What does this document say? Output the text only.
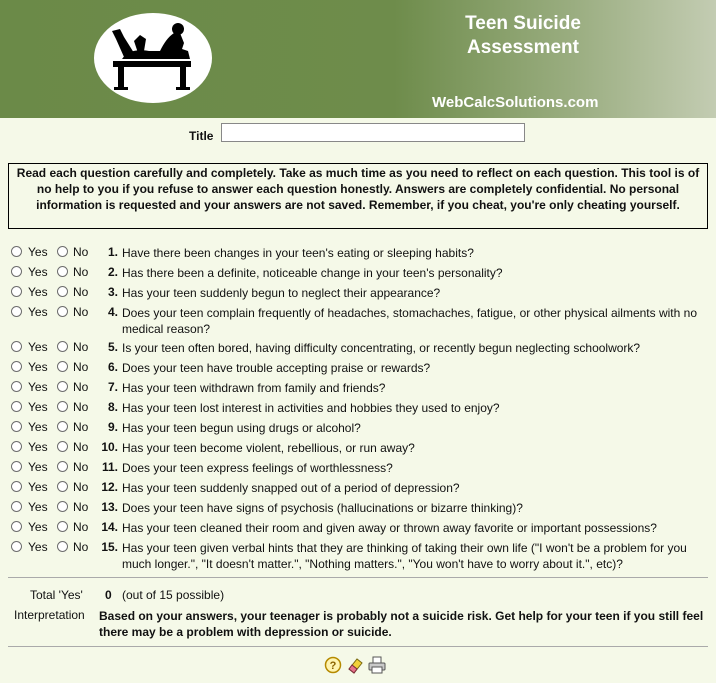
Teen Suicide
Assessment
WebCalcSolutions.com
Title
Read each question carefully and completely. Take as much time as you need to reflect on each question. This tool is of no help to you if you refuse to answer each question honestly. Answers are completely confidential. No personal information is requested and your answers are not saved. Remember, if you cheat, you're only cheating yourself.
Yes No 1. Have there been changes in your teen's eating or sleeping habits?
Yes No 2. Has there been a definite, noticeable change in your teen's personality?
Yes No 3. Has your teen suddenly begun to neglect their appearance?
Yes No 4. Does your teen complain frequently of headaches, stomachaches, fatigue, or other physical ailments with no medical reason?
Yes No 5. Is your teen often bored, having difficulty concentrating, or recently begun neglecting schoolwork?
Yes No 6. Does your teen have trouble accepting praise or rewards?
Yes No 7. Has your teen withdrawn from family and friends?
Yes No 8. Has your teen lost interest in activities and hobbies they used to enjoy?
Yes No 9. Has your teen begun using drugs or alcohol?
Yes No 10. Has your teen become violent, rebellious, or run away?
Yes No 11. Does your teen express feelings of worthlessness?
Yes No 12. Has your teen suddenly snapped out of a period of depression?
Yes No 13. Does your teen have signs of psychosis (hallucinations or bizarre thinking)?
Yes No 14. Has your teen cleaned their room and given away or thrown away favorite or important possessions?
Yes No 15. Has your teen given verbal hints that they are thinking of taking their own life ("I won't be a problem for you much longer.", "It doesn't matter.", "Nothing matters.", "You won't have to worry about it.", etc)?
Total 'Yes' 0 (out of 15 possible)
Interpretation Based on your answers, your teenager is probably not a suicide risk. Get help for your teen if you still feel there may be a problem with depression or suicide.
?
